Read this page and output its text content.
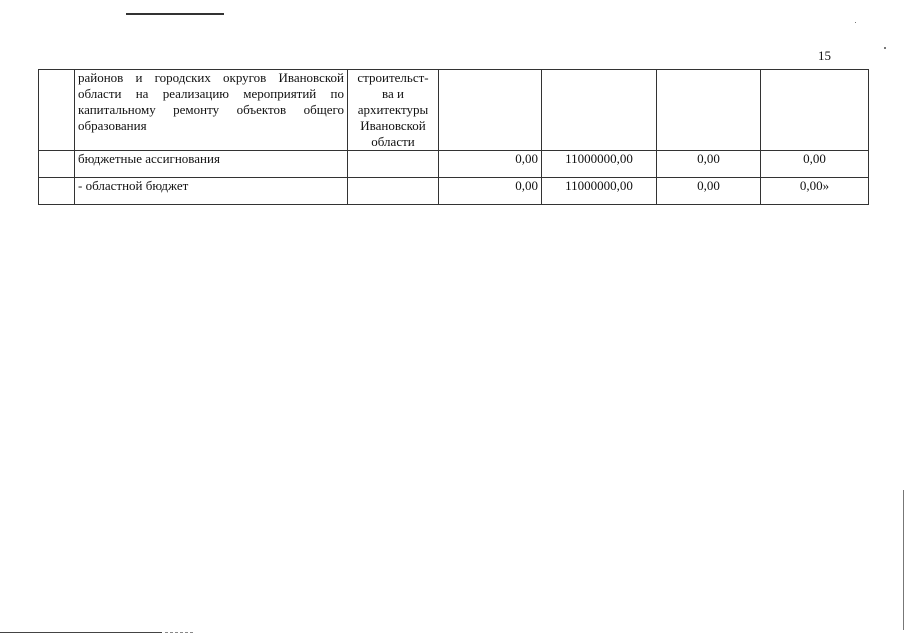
15
	районов и городских округов Ивановской области на реализацию мероприятий по капитальному ремонту объектов общего образования	строительст-
ва и
архитектуры
Ивановской
области				

	бюджетные ассигнования		0,00	11000000,00	0,00	0,00
	- областной бюджет		0,00	11000000,00	0,00	0,00»
